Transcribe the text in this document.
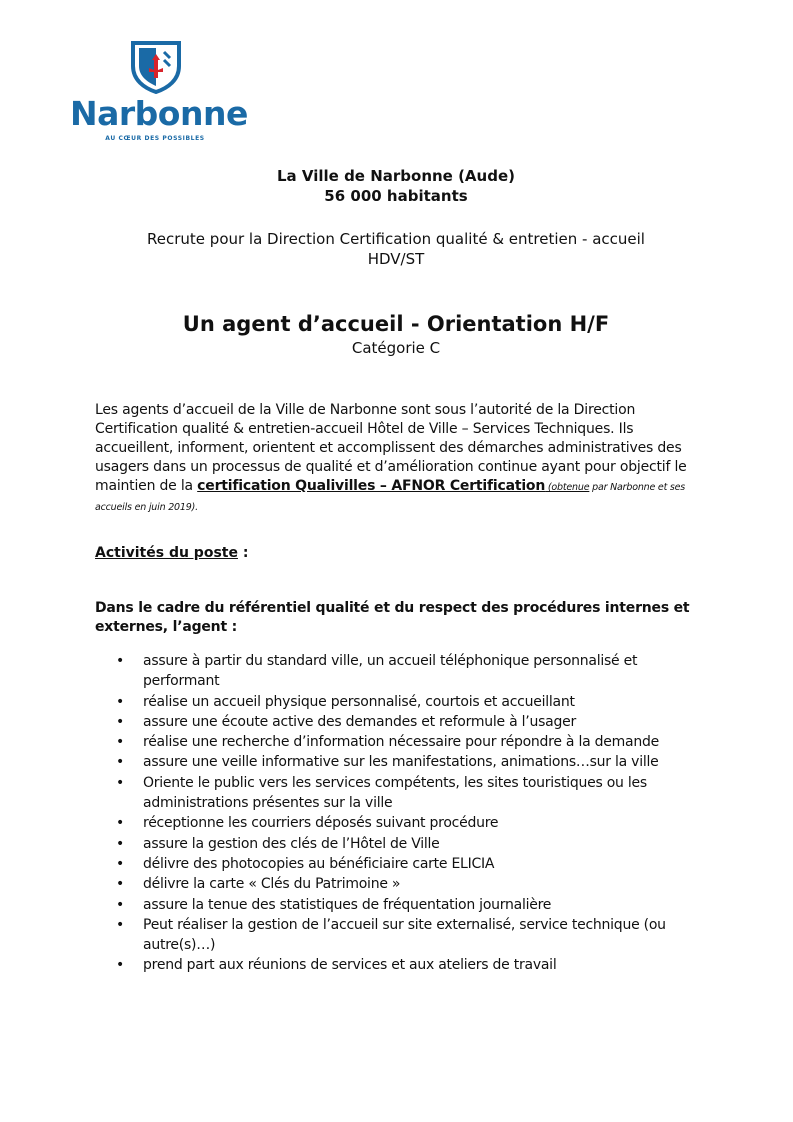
Narbonne
AU CŒUR DES POSSIBLES
La Ville de Narbonne (Aude)
56 000 habitants
Recrute pour la Direction Certification qualité & entretien - accueil
HDV/ST
Un agent d’accueil - Orientation H/F
Catégorie C
Les agents d’accueil de la Ville de Narbonne sont sous l’autorité de la Direction Certification qualité & entretien-accueil Hôtel de Ville – Services Techniques. Ils accueillent, informent, orientent et accomplissent des démarches administratives des usagers dans un processus de qualité et d’amélioration continue ayant pour objectif le maintien de la certification Qualivilles – AFNOR Certification (obtenue par Narbonne et ses accueils en juin 2019).
Activités du poste :
Dans le cadre du référentiel qualité et du respect des procédures internes et externes, l’agent :
• assure à partir du standard ville, un accueil téléphonique personnalisé et performant
• réalise un accueil physique personnalisé, courtois et accueillant
• assure une écoute active des demandes et reformule à l’usager
• réalise une recherche d’information nécessaire pour répondre à la demande
• assure une veille informative sur les manifestations, animations…sur la ville
• Oriente le public vers les services compétents, les sites touristiques ou les administrations présentes sur la ville
• réceptionne les courriers déposés suivant procédure
• assure la gestion des clés de l’Hôtel de Ville
• délivre des photocopies au bénéficiaire carte ELICIA
• délivre la carte « Clés du Patrimoine »
• assure la tenue des statistiques de fréquentation journalière
• Peut réaliser la gestion de l’accueil sur site externalisé, service technique (ou autre(s)…)
• prend part aux réunions de services et aux ateliers de travail
